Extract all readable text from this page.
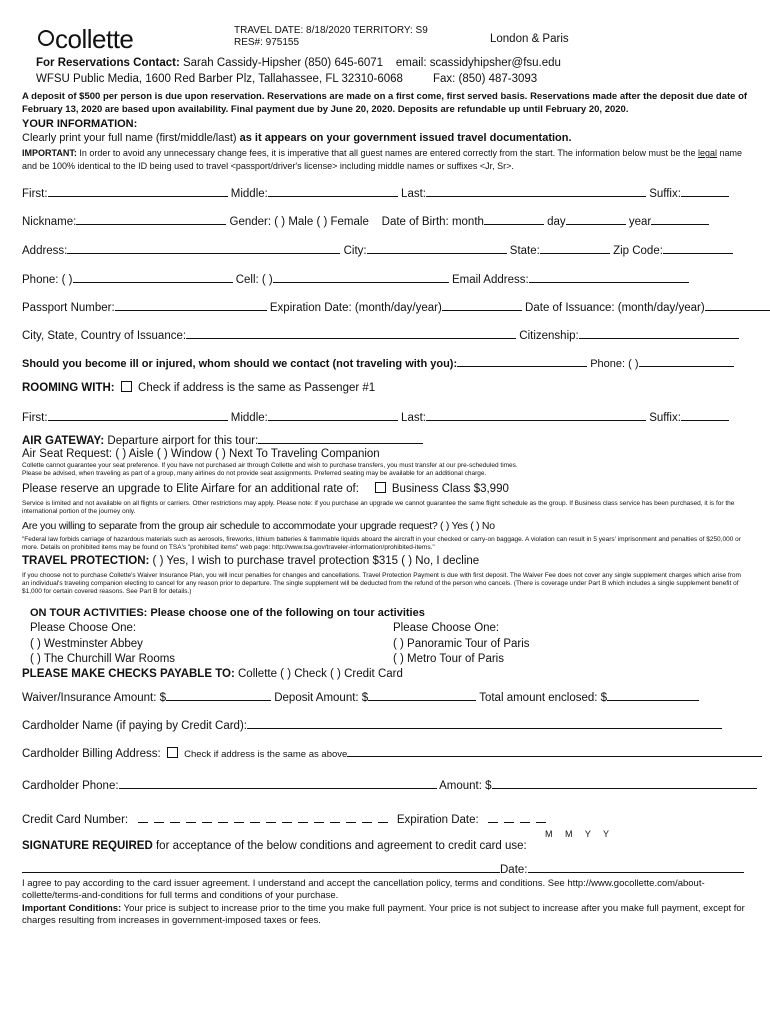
collette	TRAVEL DATE: 8/18/2020 TERRITORY: S9
RES#: 975155	London & Paris
For Reservations Contact: Sarah Cassidy-Hipsher (850) 645-6071 email: scassidyhipsher@fsu.edu
WFSU Public Media, 1600 Red Barber Plz, Tallahassee, FL 32310-6068	Fax: (850) 487-3093
A deposit of $500 per person is due upon reservation. Reservations are made on a first come, first served basis. Reservations made after the deposit due date of February 13, 2020 are based upon availability. Final payment due by June 20, 2020. Deposits are refundable up until February 20, 2020.
YOUR INFORMATION:
Clearly print your full name (first/middle/last) as it appears on your government issued travel documentation.
IMPORTANT: In order to avoid any unnecessary change fees, it is imperative that all guest names are entered correctly from the start. The information below must be the legal name and be 100% identical to the ID being used to travel <passport/driver's license> including middle names or suffixes <Jr, Sr>.
First:	Middle:	Last:	Suffix:
Nickname:	Gender: ( ) Male ( ) Female Date of Birth: month	day	year
Address:	City:	State:	Zip Code:
Phone: ( )	Cell: ( )	Email Address:
Passport Number:	Expiration Date: (month/day/year)	Date of Issuance: (month/day/year)
City, State, Country of Issuance:	Citizenship:
Should you become ill or injured, whom should we contact (not traveling with you):	Phone: ( )
ROOMING WITH: Check if address is the same as Passenger #1
First:	Middle:	Last:	Suffix:
AIR GATEWAY: Departure airport for this tour:
Air Seat Request: ( ) Aisle ( ) Window ( ) Next To Traveling Companion
Collette cannot guarantee your seat preference. If you have not purchased air through Collette and wish to purchase transfers, you must transfer at our pre-scheduled times.
Please be advised, when traveling as part of a group, many airlines do not provide seat assignments. Preferred seating may be available for an additional charge.
Please reserve an upgrade to Elite Airfare for an additional rate of:	Business Class $3,990
Service is limited and not available on all flights or carriers. Other restrictions may apply. Please note: if you purchase an upgrade we cannot guarantee the same flight schedule as the group. If Business class service has been purchased, it is for the international portion of the journey only.
Are you willing to separate from the group air schedule to accommodate your upgrade request? ( ) Yes ( ) No
"Federal law forbids carriage of hazardous materials such as aerosols, fireworks, lithium batteries & flammable liquids aboard the aircraft in your checked or carry-on baggage. A violation can result in 5 years' imprisonment and penalties of $250,000 or more. Details on prohibited items may be found on TSA's "prohibited items" web page: http://www.tsa.gov/traveler-information/prohibited-items."
TRAVEL PROTECTION: ( ) Yes, I wish to purchase travel protection $315 ( ) No, I decline
If you choose not to purchase Collette's Waiver Insurance Plan, you will incur penalties for changes and cancellations. Travel Protection Payment is due with first deposit. The Waiver Fee does not cover any single supplement charges which arise from an individual's traveling companion electing to cancel for any reason prior to departure. The single supplement will be deducted from the refund of the person who cancels. (There is coverage under Part B which includes a single supplement benefit of $1,000 for certain covered reasons. See Part B for details.)
ON TOUR ACTIVITIES: Please choose one of the following on tour activities
Please Choose One:
( ) Westminster Abbey
( ) The Churchill War Rooms
Please Choose One:
( ) Panoramic Tour of Paris
( ) Metro Tour of Paris
PLEASE MAKE CHECKS PAYABLE TO: Collette ( ) Check ( ) Credit Card
Waiver/Insurance Amount: $	Deposit Amount: $	Total amount enclosed: $
Cardholder Name (if paying by Credit Card):
Cardholder Billing Address: Check if address is the same as above
Cardholder Phone:	Amount: $
Credit Card Number:	Expiration Date:
M     M     Y     Y
SIGNATURE REQUIRED for acceptance of the below conditions and agreement to credit card use:
Date:
I agree to pay according to the card issuer agreement. I understand and accept the cancellation policy, terms and conditions. See http://www.gocollette.com/about-collette/terms-and-conditions for full terms and conditions of your purchase.
Important Conditions: Your price is subject to increase prior to the time you make full payment. Your price is not subject to increase after you make full payment, except for charges resulting from increases in government-imposed taxes or fees.
